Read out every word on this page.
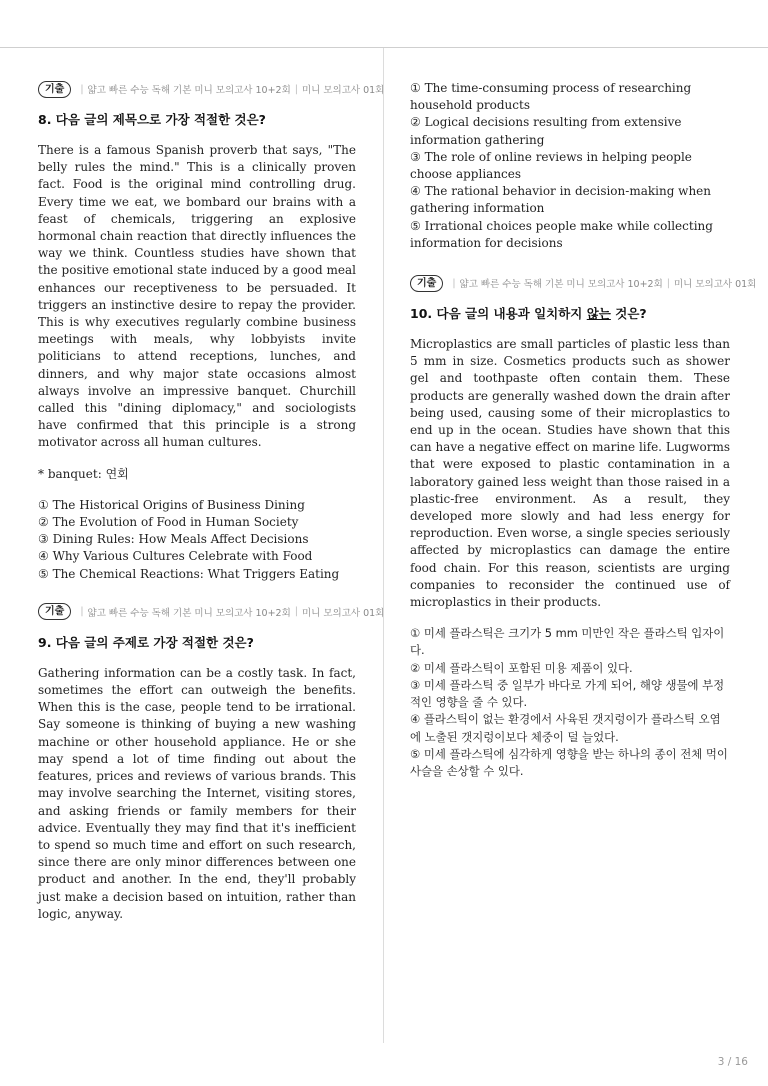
기출	| 얇고 빠른 수능 독해 기본 미니 모의고사 10+2회 | 미니 모의고사 01회
8. 다음 글의 제목으로 가장 적절한 것은?

There is a famous Spanish proverb that says, "The belly rules the mind." This is a clinically proven fact. Food is the original mind controlling drug. Every time we eat, we bombard our brains with a feast of chemicals, triggering an explosive hormonal chain reaction that directly influences the way we think. Countless studies have shown that the positive emotional state induced by a good meal enhances our receptiveness to be persuaded. It triggers an instinctive desire to repay the provider. This is why executives regularly combine business meetings with meals, why lobbyists invite politicians to attend receptions, lunches, and dinners, and why major state occasions almost always involve an impressive banquet. Churchill called this "dining diplomacy," and sociologists have confirmed that this principle is a strong motivator across all human cultures.

* banquet: 연회
① The Historical Origins of Business Dining
② The Evolution of Food in Human Society
③ Dining Rules: How Meals Affect Decisions
④ Why Various Cultures Celebrate with Food
⑤ The Chemical Reactions: What Triggers Eating
기출	| 얇고 빠른 수능 독해 기본 미니 모의고사 10+2회 | 미니 모의고사 01회
9. 다음 글의 주제로 가장 적절한 것은?

Gathering information can be a costly task. In fact, sometimes the effort can outweigh the benefits. When this is the case, people tend to be irrational. Say someone is thinking of buying a new washing machine or other household appliance. He or she may spend a lot of time finding out about the features, prices and reviews of various brands. This may involve searching the Internet, visiting stores, and asking friends or family members for their advice. Eventually they may find that it's inefficient to spend so much time and effort on such research, since there are only minor differences between one product and another. In the end, they'll probably just make a decision based on intuition, rather than logic, anyway.

① The time-consuming process of researching household products
② Logical decisions resulting from extensive information gathering
③ The role of online reviews in helping people choose appliances
④ The rational behavior in decision-making when gathering information
⑤ Irrational choices people make while collecting information for decisions
기출	| 얇고 빠른 수능 독해 기본 미니 모의고사 10+2회 | 미니 모의고사 01회
10. 다음 글의 내용과 일치하지 않는 것은?

Microplastics are small particles of plastic less than 5 mm in size. Cosmetics products such as shower gel and toothpaste often contain them. These products are generally washed down the drain after being used, causing some of their microplastics to end up in the ocean. Studies have shown that this can have a negative effect on marine life. Lugworms that were exposed to plastic contamination in a laboratory gained less weight than those raised in a plastic-free environment. As a result, they developed more slowly and had less energy for reproduction. Even worse, a single species seriously affected by microplastics can damage the entire food chain. For this reason, scientists are urging companies to reconsider the continued use of microplastics in their products.

① 미세 플라스틱은 크기가 5 mm 미만인 작은 플라스틱 입자이다.
② 미세 플라스틱이 포함된 미용 제품이 있다.
③ 미세 플라스틱 중 일부가 바다로 가게 되어, 해양 생물에 부정적인 영향을 줄 수 있다.
④ 플라스틱이 없는 환경에서 사육된 갯지렁이가 플라스틱 오염에 노출된 갯지렁이보다 체중이 덜 늘었다.
⑤ 미세 플라스틱에 심각하게 영향을 받는 하나의 종이 전체 먹이 사슬을 손상할 수 있다.
3 / 16
